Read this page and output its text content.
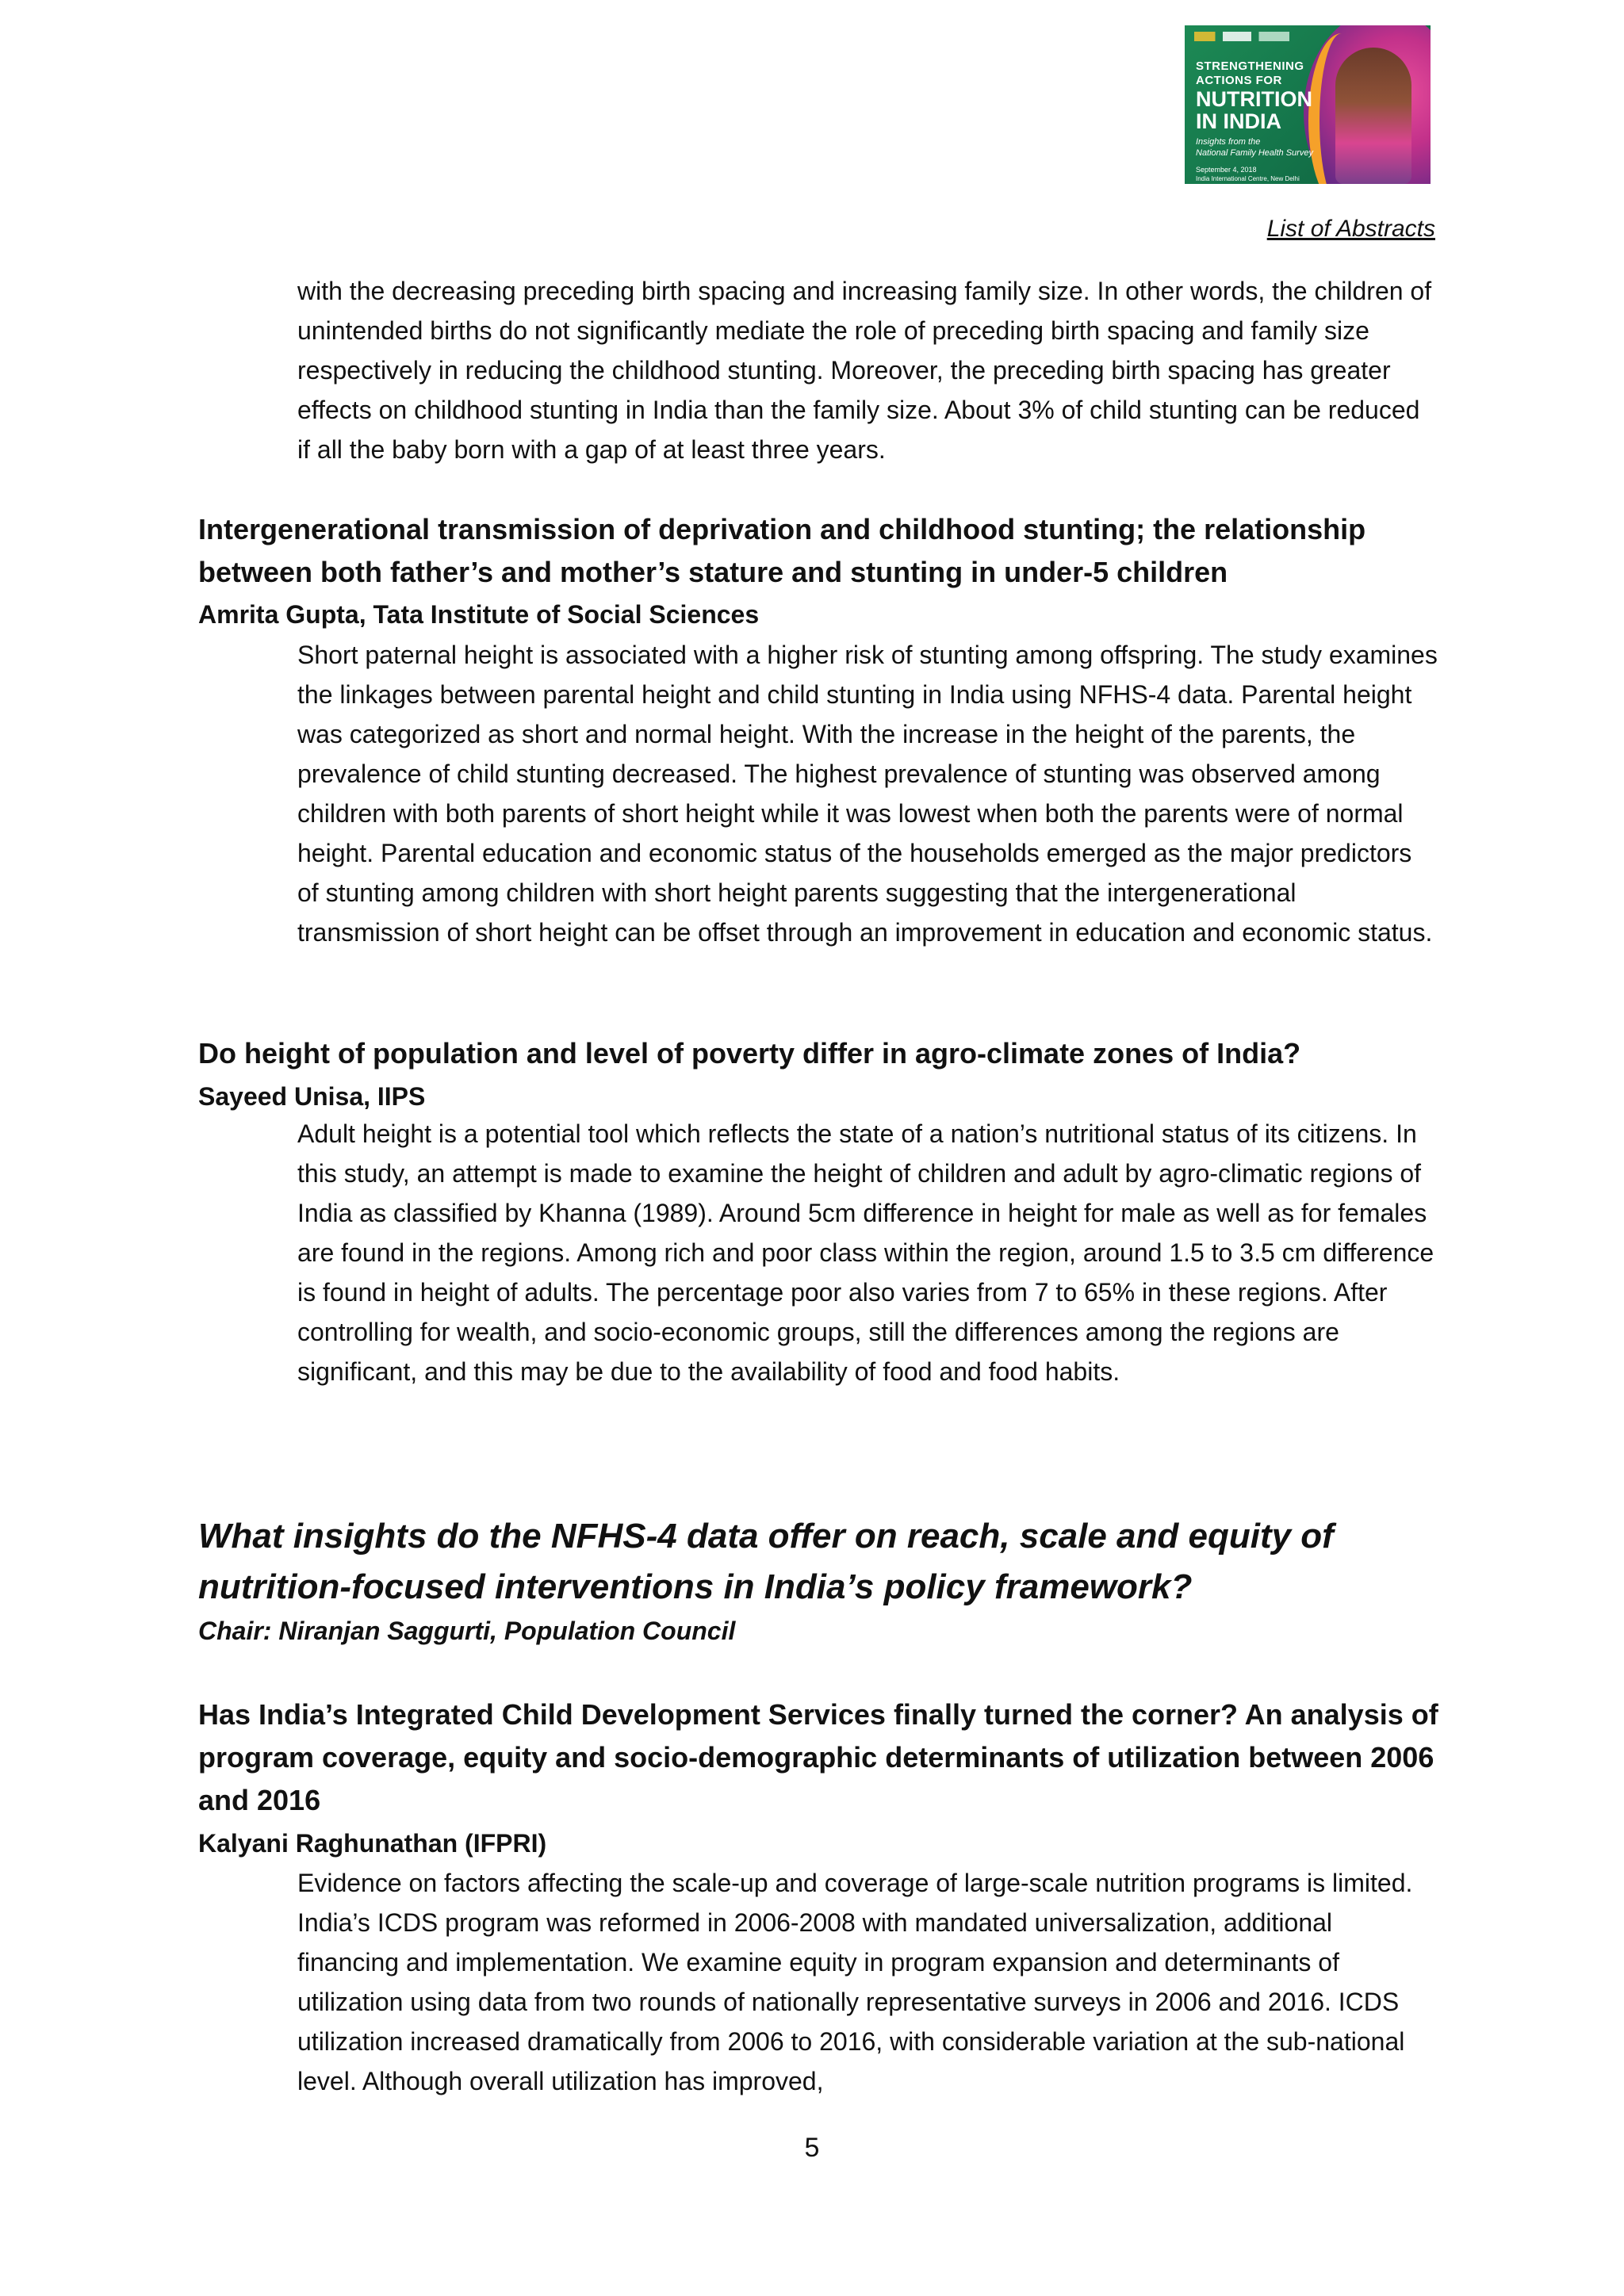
STRENGTHENING
ACTIONS FOR
NUTRITION
IN INDIA
Insights from the
National Family Health Survey
September 4, 2018
India International Centre, New Delhi
List of Abstracts
with the decreasing preceding birth spacing and increasing family size. In other words, the children of unintended births do not significantly mediate the role of preceding birth spacing and family size respectively in reducing the childhood stunting. Moreover, the preceding birth spacing has greater effects on childhood stunting in India than the family size. About 3% of child stunting can be reduced if all the baby born with a gap of at least three years.
Intergenerational transmission of deprivation and childhood stunting; the relationship between both father’s and mother’s stature and stunting in under-5 children
Amrita Gupta, Tata Institute of Social Sciences
Short paternal height is associated with a higher risk of stunting among offspring. The study examines the linkages between parental height and child stunting in India using NFHS-4 data. Parental height was categorized as short and normal height. With the increase in the height of the parents, the prevalence of child stunting decreased. The highest prevalence of stunting was observed among children with both parents of short height while it was lowest when both the parents were of normal height. Parental education and economic status of the households emerged as the major predictors of stunting among children with short height parents suggesting that the intergenerational transmission of short height can be offset through an improvement in education and economic status.
Do height of population and level of poverty differ in agro-climate zones of India?
Sayeed Unisa, IIPS
Adult height is a potential tool which reflects the state of a nation’s nutritional status of its citizens. In this study, an attempt is made to examine the height of children and adult by agro-climatic regions of India as classified by Khanna (1989). Around 5cm difference in height for male as well as for females are found in the regions. Among rich and poor class within the region, around 1.5 to 3.5 cm difference is found in height of adults. The percentage poor also varies from 7 to 65% in these regions. After controlling for wealth, and socio-economic groups, still the differences among the regions are significant, and this may be due to the availability of food and food habits.
What insights do the NFHS-4 data offer on reach, scale and equity of nutrition-focused interventions in India’s policy framework?
Chair: Niranjan Saggurti, Population Council
Has India’s Integrated Child Development Services finally turned the corner? An analysis of program coverage, equity and socio-demographic determinants of utilization between 2006 and 2016
Kalyani Raghunathan (IFPRI)
Evidence on factors affecting the scale-up and coverage of large-scale nutrition programs is limited. India’s ICDS program was reformed in 2006-2008 with mandated universalization, additional financing and implementation. We examine equity in program expansion and determinants of utilization using data from two rounds of nationally representative surveys in 2006 and 2016. ICDS utilization increased dramatically from 2006 to 2016, with considerable variation at the sub-national level. Although overall utilization has improved,
5
